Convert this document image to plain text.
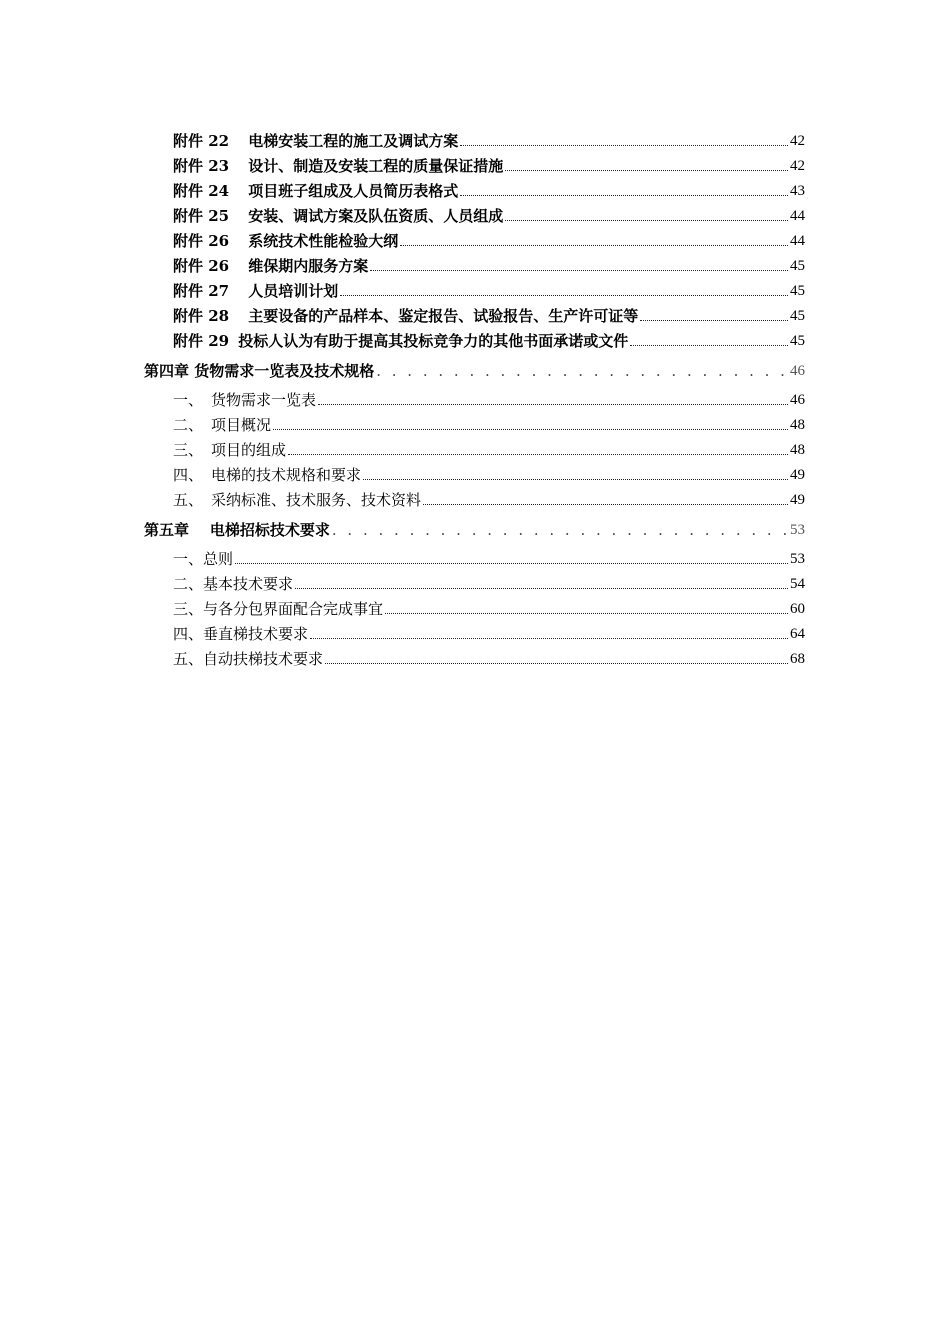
附件 22 电梯安装工程的施工及调试方案	42
附件 23 设计、制造及安装工程的质量保证措施	42
附件 24 项目班子组成及人员简历表格式	43
附件 25 安装、调试方案及队伍资质、人员组成	44
附件 26 系统技术性能检验大纲	44
附件 26 维保期内服务方案	45
附件 27 人员培训计划	45
附件 28 主要设备的产品样本、鉴定报告、试验报告、生产许可证等	45
附件 29 投标人认为有助于提高其投标竞争力的其他书面承诺或文件	45
第四章 货物需求一览表及技术规格 . . .	46
一、 货物需求一览表	46
二、 项目概况	48
三、 项目的组成	48
四、 电梯的技术规格和要求	49
五、 采纳标准、技术服务、技术资料	49
第五章    电梯招标技术要求 . . .	53
一、总则	53
二、基本技术要求	54
三、与各分包界面配合完成事宜	60
四、垂直梯技术要求	64
五、自动扶梯技术要求	68
